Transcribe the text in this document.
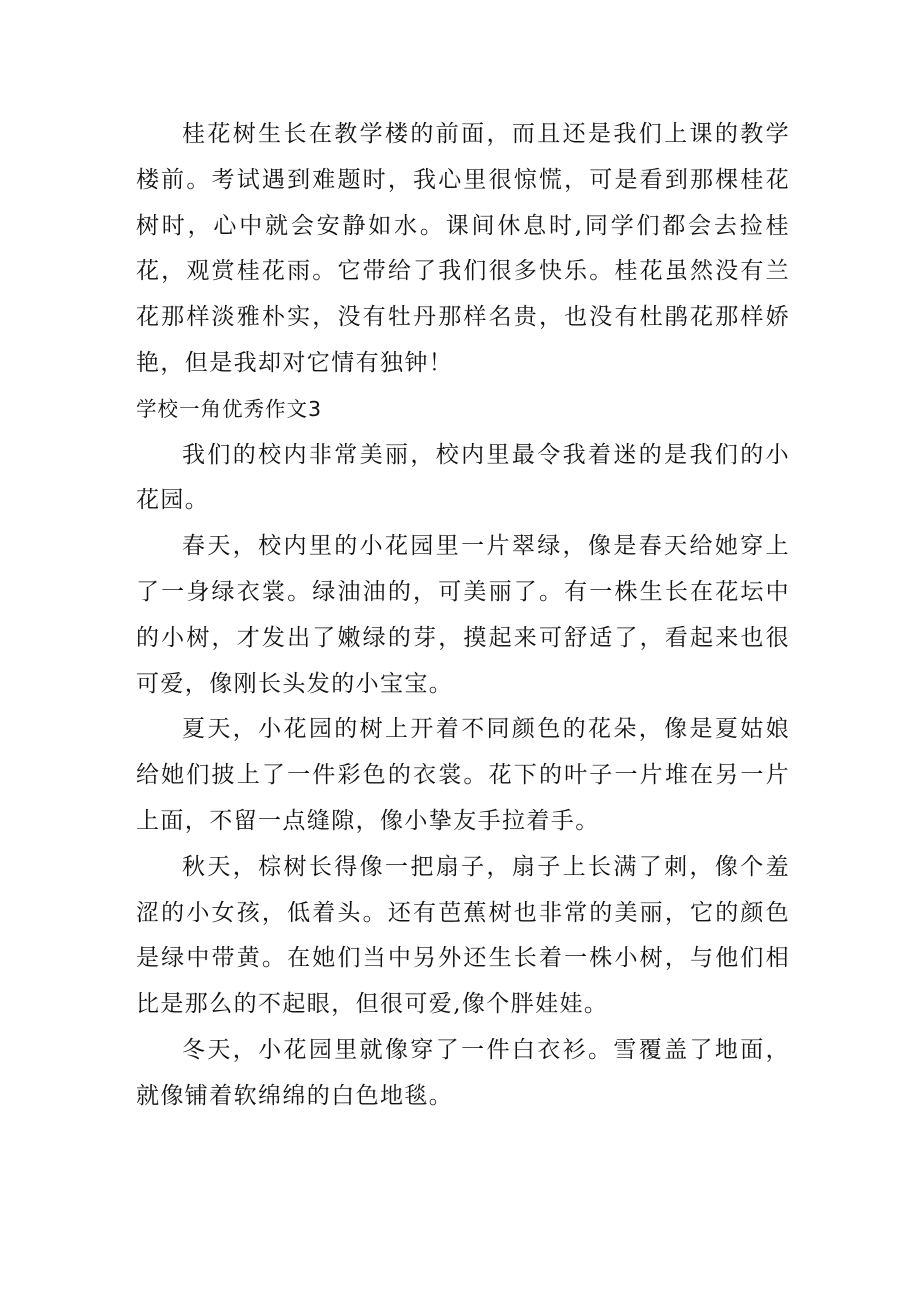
桂花树生长在教学楼的前面，而且还是我们上课的教学楼前。考试遇到难题时，我心里很惊慌，可是看到那棵桂花树时，心中就会安静如水。课间休息时,同学们都会去捡桂花，观赏桂花雨。它带给了我们很多快乐。桂花虽然没有兰花那样淡雅朴实，没有牡丹那样名贵，也没有杜鹃花那样娇艳，但是我却对它情有独钟！

学校一角优秀作文3

我们的校内非常美丽，校内里最令我着迷的是我们的小花园。

春天，校内里的小花园里一片翠绿，像是春天给她穿上了一身绿衣裳。绿油油的，可美丽了。有一株生长在花坛中的小树，才发出了嫩绿的芽，摸起来可舒适了，看起来也很可爱，像刚长头发的小宝宝。

夏天，小花园的树上开着不同颜色的花朵，像是夏姑娘给她们披上了一件彩色的衣裳。花下的叶子一片堆在另一片上面，不留一点缝隙，像小挚友手拉着手。

秋天，棕树长得像一把扇子，扇子上长满了刺，像个羞涩的小女孩，低着头。还有芭蕉树也非常的美丽，它的颜色是绿中带黄。在她们当中另外还生长着一株小树，与他们相比是那么的不起眼，但很可爱,像个胖娃娃。

冬天，小花园里就像穿了一件白衣衫。雪覆盖了地面，就像铺着软绵绵的白色地毯。
